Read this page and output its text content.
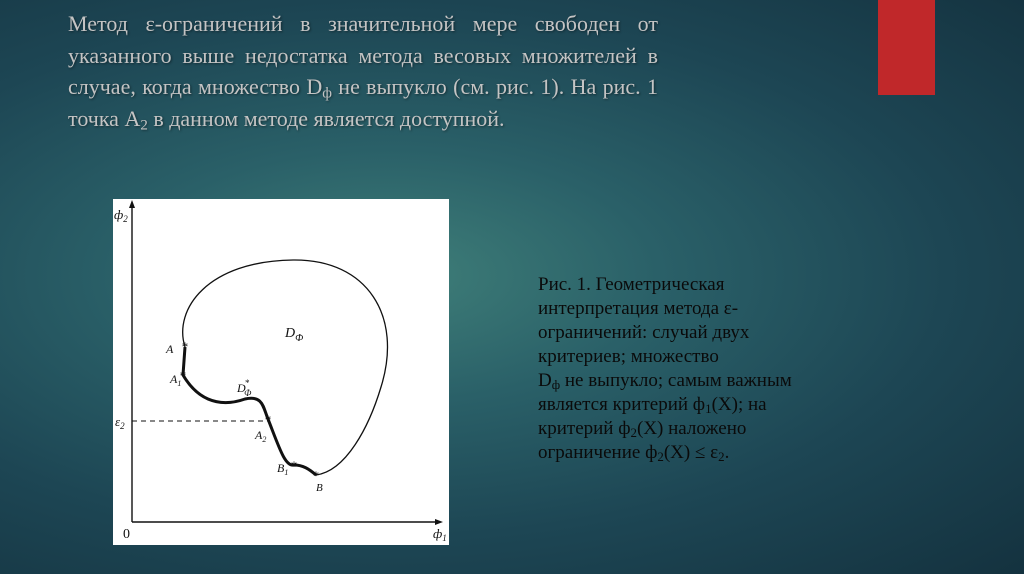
Метод ε-ограничений в значительной мере свободен от указанного выше недостатка метода весовых множителей в случае, когда множество $D_ф$ не выпукло (см. рис. 1). На рис. 1 точка $A_2$ в данном методе является доступной.
*
*
*
*
*
$ф_2$
$ф_1$
0
$\varepsilon_2$
$D_Ф$
D* Ф
A
$A_1$
$A_2$
$B_1$
B
Рис. 1. Геометрическая
интерпретация метода ε-
ограничений: случай двух
критериев; множество
$D_ф$ не выпукло; самым важным
является критерий $ф_1(X)$; на
критерий $ф_2(X)$ наложено
ограничение $ф_2(X) \le \varepsilon_2$.
